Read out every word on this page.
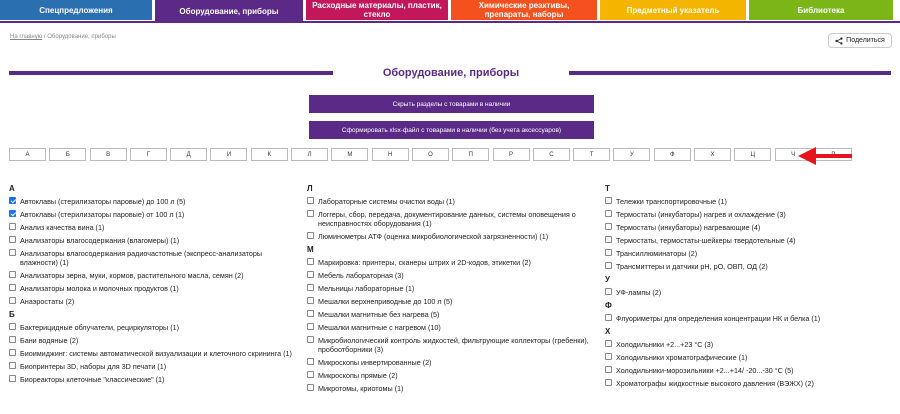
Спецпредложения	Оборудование, приборы
Расходные материалы, пластик, стекло
Химические реактивы, препараты, наборы	Предметный указатель	Библиотека
На главную / Оборудование, приборы	Поделиться
Оборудование, приборы
Скрыть разделы с товарами в наличии
Сформировать xlsx-файл с товарами в наличии (без учета аксессуаров)
А	Б	В	Г	Д	И	К	Л	М	Н	О	П	Р	С	Т	У	Ф	Х	Ц	Ч
А
Автоклавы (стерилизаторы паровые) до 100 л (5)
Автоклавы (стерилизаторы паровые) от 100 л (1)
Анализ качества вина (1)
Анализаторы влагосодержания (влагомеры) (1)
Анализаторы влагосодержания радиочастотные (экспресс-анализаторы влажности) (1)
Анализаторы зерна, муки, кормов, растительного масла, семян (2)
Анализаторы молока и молочных продуктов (1)
Анаэростаты (2)
Б
Бактерицидные облучатели, рециркуляторы (1)
Бани водяные (2)
Биоимиджинг: системы автоматической визуализации и клеточного скрининга (1)
Биопринтеры 3D, наборы для 3D печати (1)
Биореакторы клеточные "классические" (1)
Л
Лабораторные системы очистки воды (1)
Логгеры, сбор, передача, документирование данных, системы оповещения о неисправностях оборудования (1)
Люминометры АТФ (оценка микробиологической загрязненности) (1)
М
Маркировка: принтеры, сканеры штрих и 2D-кодов, этикетки (2)
Мебель лабораторная (3)
Мельницы лабораторные (1)
Мешалки верхнеприводные до 100 л (5)
Мешалки магнитные без нагрева (5)
Мешалки магнитные с нагревом (10)
Микробиологический контроль жидкостей, фильтрующие коллекторы (гребенки), пробоотборники (3)
Микроскопы инвертированные (2)
Микроскопы прямые (2)
Микротомы, криотомы (1)
Т
Тележки транспортировочные (1)
Термостаты (инкубаторы) нагрев и охлаждение (3)
Термостаты (инкубаторы) нагревающие (4)
Термостаты, термостаты-шейкеры твердотельные (4)
Трансиллюминаторы (2)
Трансмиттеры и датчики pH, pO, ОВП, ОД (2)
У
УФ-лампы (2)
Ф
Флуориметры для определения концентрации НК и белка (1)
Х
Холодильники +2...+23 °С (3)
Холодильники хроматографические (1)
Холодильники-морозильники +2...+14/ -20...-30 °С (5)
Хроматографы жидкостные высокого давления (ВЭЖХ) (2)
